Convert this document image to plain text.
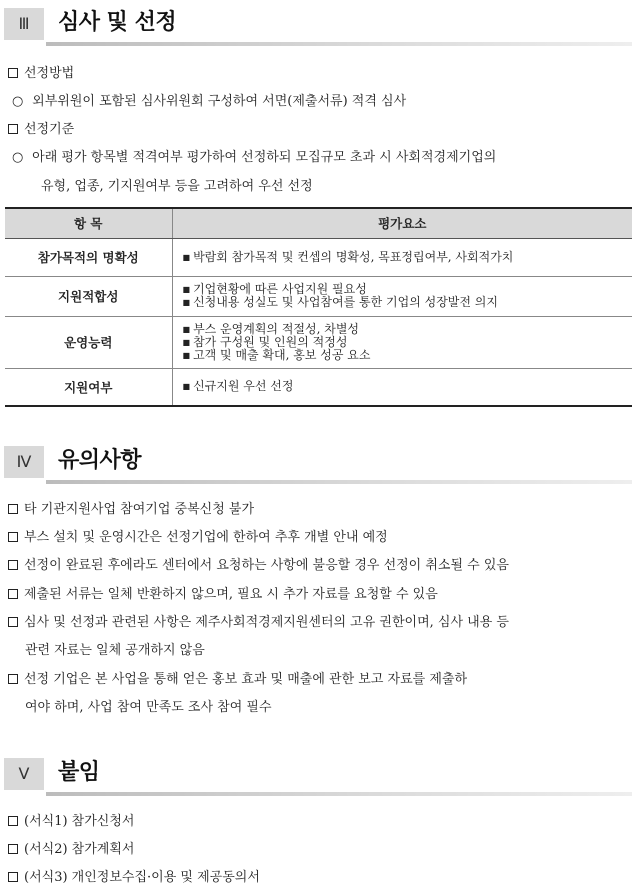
Ⅲ	심사 및 선정
선정방법
○ 외부위원이 포함된 심사위원회 구성하여 서면(제출서류) 적격 심사
선정기준
○ 아래 평가 항목별 적격여부 평가하여 선정하되 모집규모 초과 시 사회적경제기업의
유형, 업종, 기지원여부 등을 고려하여 우선 선정
항 목	평가요소
참가목적의 명확성	■ 박람회 참가목적 및 컨셉의 명확성, 목표정립여부, 사회적가치

지원적합성	■ 기업현황에 따른 사업지원 필요성
■ 신청내용 성실도 및 사업참여를 통한 기업의 성장발전 의지

운영능력	■ 부스 운영계획의 적절성, 차별성
■ 참가 구성원 및 인원의 적정성
■ 고객 및 매출 확대, 홍보 성공 요소

지원여부	■ 신규지원 우선 선정
Ⅳ	유의사항
타 기관지원사업 참여기업 중복신청 불가
부스 설치 및 운영시간은 선정기업에 한하여 추후 개별 안내 예정
선정이 완료된 후에라도 센터에서 요청하는 사항에 불응할 경우 선정이 취소될 수 있음
제출된 서류는 일체 반환하지 않으며, 필요 시 추가 자료를 요청할 수 있음
심사 및 선정과 관련된 사항은 제주사회적경제지원센터의 고유 권한이며, 심사 내용 등
관련 자료는 일체 공개하지 않음
선정 기업은 본 사업을 통해 얻은 홍보 효과 및 매출에 관한 보고 자료를 제출하
여야 하며, 사업 참여 만족도 조사 참여 필수
Ⅴ	붙임
(서식1) 참가신청서
(서식2) 참가계획서
(서식3) 개인정보수집·이용 및 제공동의서
